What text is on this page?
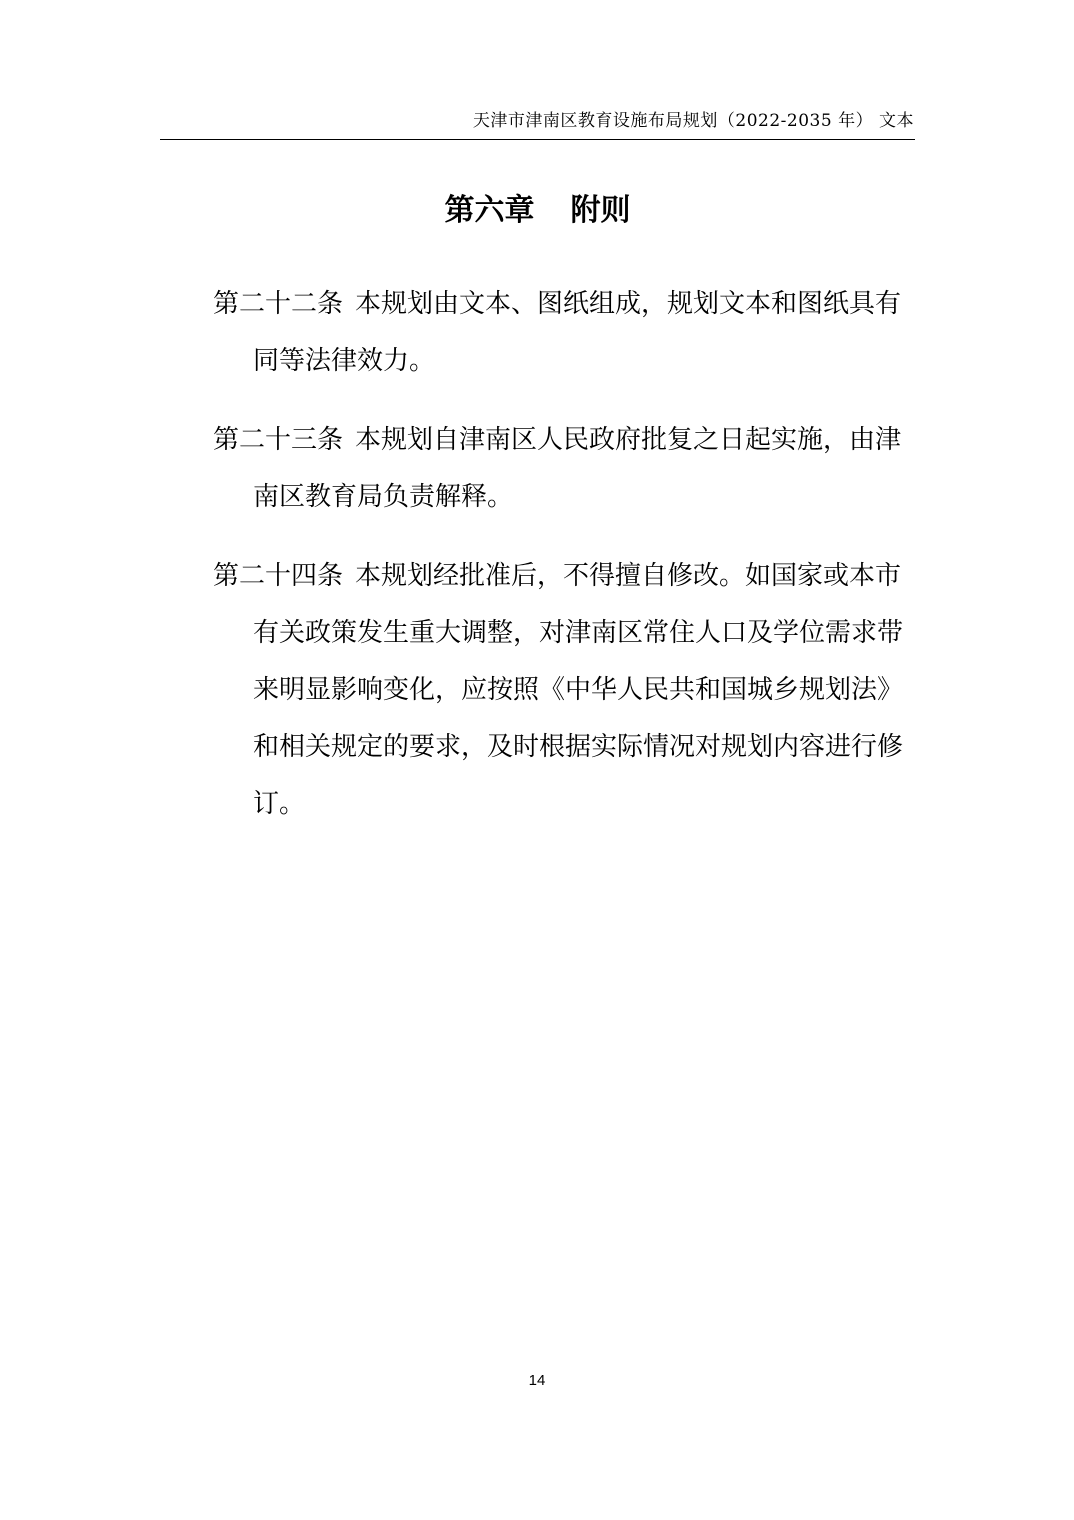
天津市津南区教育设施布局规划（2022-2035 年） 文本
第六章 附则

第二十二条 本规划由文本、图纸组成，规划文本和图纸具有同等法律效力。

第二十三条 本规划自津南区人民政府批复之日起实施，由津南区教育局负责解释。

第二十四条 本规划经批准后，不得擅自修改。如国家或本市有关政策发生重大调整，对津南区常住人口及学位需求带来明显影响变化，应按照《中华人民共和国城乡规划法》和相关规定的要求，及时根据实际情况对规划内容进行修订。

14
